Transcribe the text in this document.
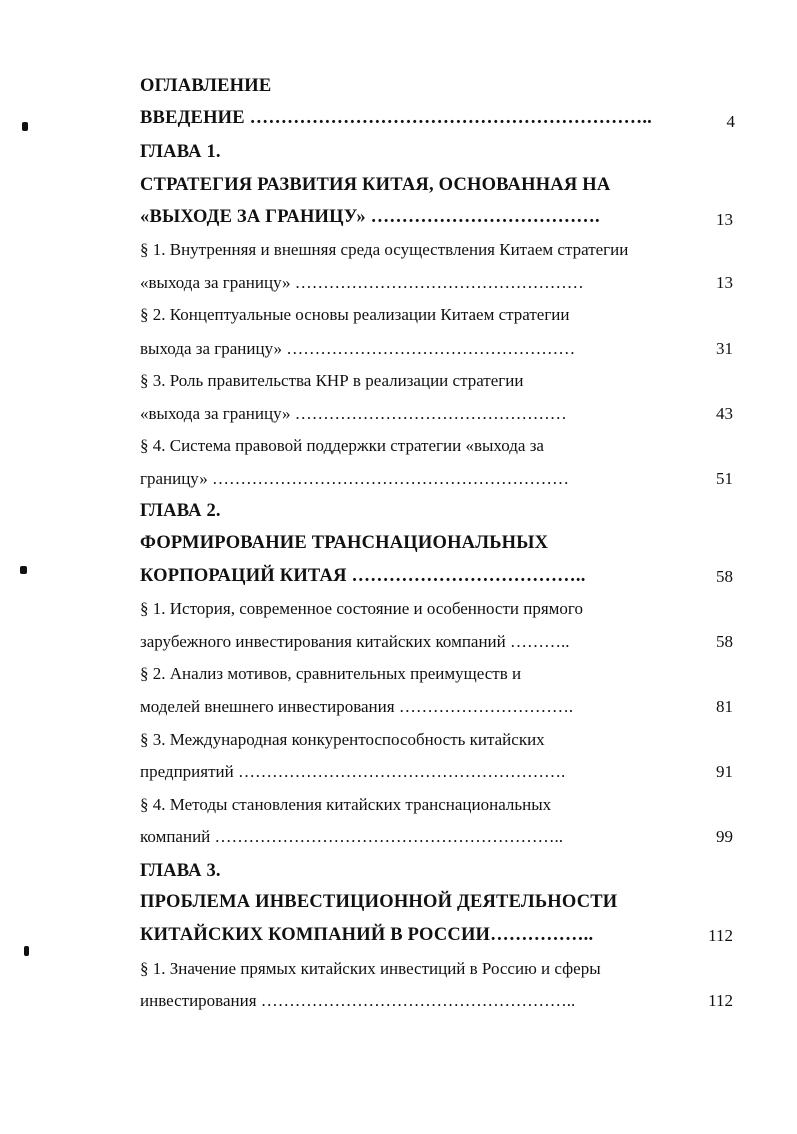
ОГЛАВЛЕНИЕ
ВВЕДЕНИЕ ………………………………………………………..	4
ГЛАВА 1.
СТРАТЕГИЯ РАЗВИТИЯ КИТАЯ, ОСНОВАННАЯ НА
«ВЫХОДЕ ЗА ГРАНИЦУ» ……………………………….	13
§ 1. Внутренняя и внешняя среда осуществления Китаем стратегии
«выхода за границу» ……………………………………………	13
§ 2. Концептуальные основы реализации Китаем стратегии
выхода за границу» ……………………………………………	31
§ 3. Роль правительства КНР в реализации стратегии
«выхода за границу» …………………………………………	43
§ 4. Система правовой поддержки стратегии «выхода за
границу» ………………………………………………………	51
ГЛАВА 2.
ФОРМИРОВАНИЕ ТРАНСНАЦИОНАЛЬНЫХ
КОРПОРАЦИЙ КИТАЯ ………………………………..	58
§ 1. История, современное состояние и особенности прямого
зарубежного инвестирования китайских компаний ………..	58
§ 2. Анализ мотивов, сравнительных преимуществ и
моделей внешнего инвестирования ………………………….	81
§ 3. Международная конкурентоспособность китайских
предприятий ………………………………………………….	91
§ 4. Методы становления китайских транснациональных
компаний ……………………………………………………..	99
ГЛАВА 3.
ПРОБЛЕМА ИНВЕСТИЦИОННОЙ ДЕЯТЕЛЬНОСТИ
КИТАЙСКИХ КОМПАНИЙ В РОССИИ……………..	112
§ 1. Значение прямых китайских инвестиций в Россию и сферы
инвестирования ………………………………………………..	112
